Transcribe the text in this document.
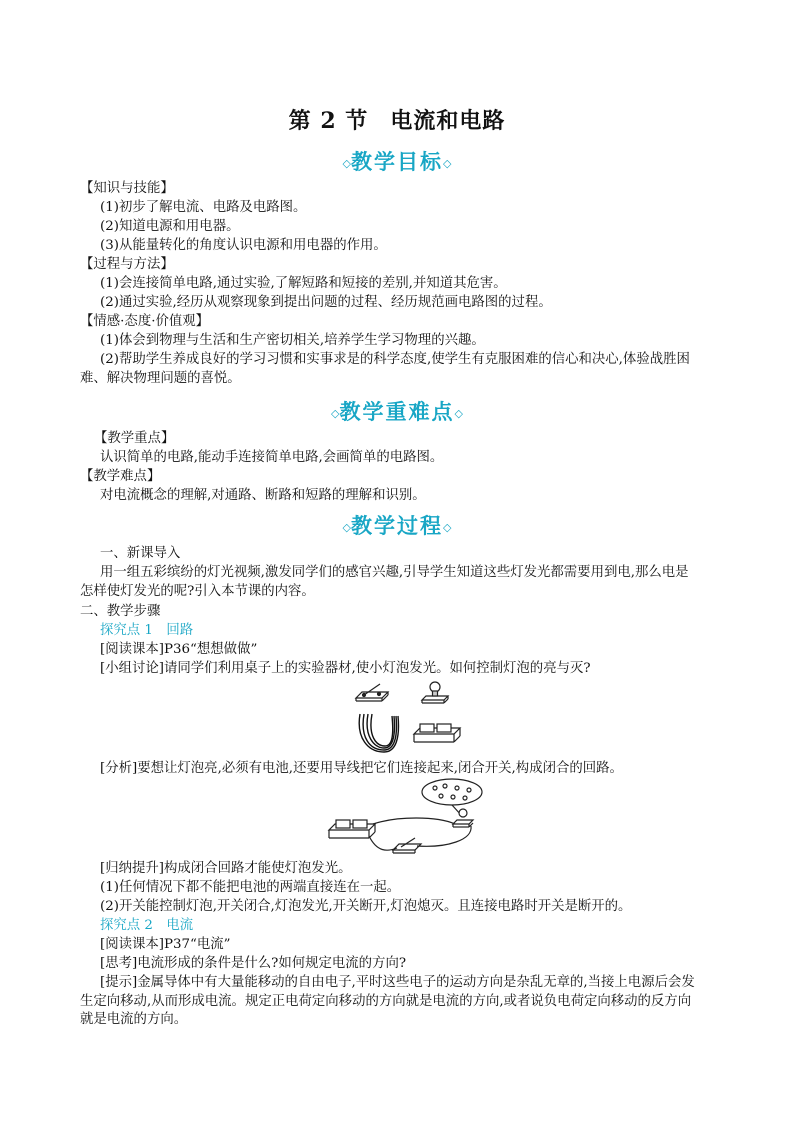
第 2 节 电流和电路
◇教学目标◇
【知识与技能】
(1)初步了解电流、电路及电路图。
(2)知道电源和用电器。
(3)从能量转化的角度认识电源和用电器的作用。
【过程与方法】
(1)会连接简单电路,通过实验,了解短路和短接的差别,并知道其危害。
(2)通过实验,经历从观察现象到提出问题的过程、经历规范画电路图的过程。
【情感·态度·价值观】
(1)体会到物理与生活和生产密切相关,培养学生学习物理的兴趣。
(2)帮助学生养成良好的学习习惯和实事求是的科学态度,使学生有克服困难的信心和决心,体验战胜困难、解决物理问题的喜悦。
◇教学重难点◇
【教学重点】
认识简单的电路,能动手连接简单电路,会画简单的电路图。
【教学难点】
对电流概念的理解,对通路、断路和短路的理解和识别。
◇教学过程◇
一、新课导入
用一组五彩缤纷的灯光视频,激发同学们的感官兴趣,引导学生知道这些灯发光都需要用到电,那么电是怎样使灯发光的呢?引入本节课的内容。
二、教学步骤
探究点 1　回路
[阅读课本]P36“想想做做”
[小组讨论]请同学们利用桌子上的实验器材,使小灯泡发光。如何控制灯泡的亮与灭?
[分析]要想让灯泡亮,必须有电池,还要用导线把它们连接起来,闭合开关,构成闭合的回路。
[归纳提升]构成闭合回路才能使灯泡发光。
(1)任何情况下都不能把电池的两端直接连在一起。
(2)开关能控制灯泡,开关闭合,灯泡发光,开关断开,灯泡熄灭。且连接电路时开关是断开的。
探究点 2　电流
[阅读课本]P37“电流”
[思考]电流形成的条件是什么?如何规定电流的方向?
[提示]金属导体中有大量能移动的自由电子,平时这些电子的运动方向是杂乱无章的,当接上电源后会发生定向移动,从而形成电流。规定正电荷定向移动的方向就是电流的方向,或者说负电荷定向移动的反方向就是电流的方向。
